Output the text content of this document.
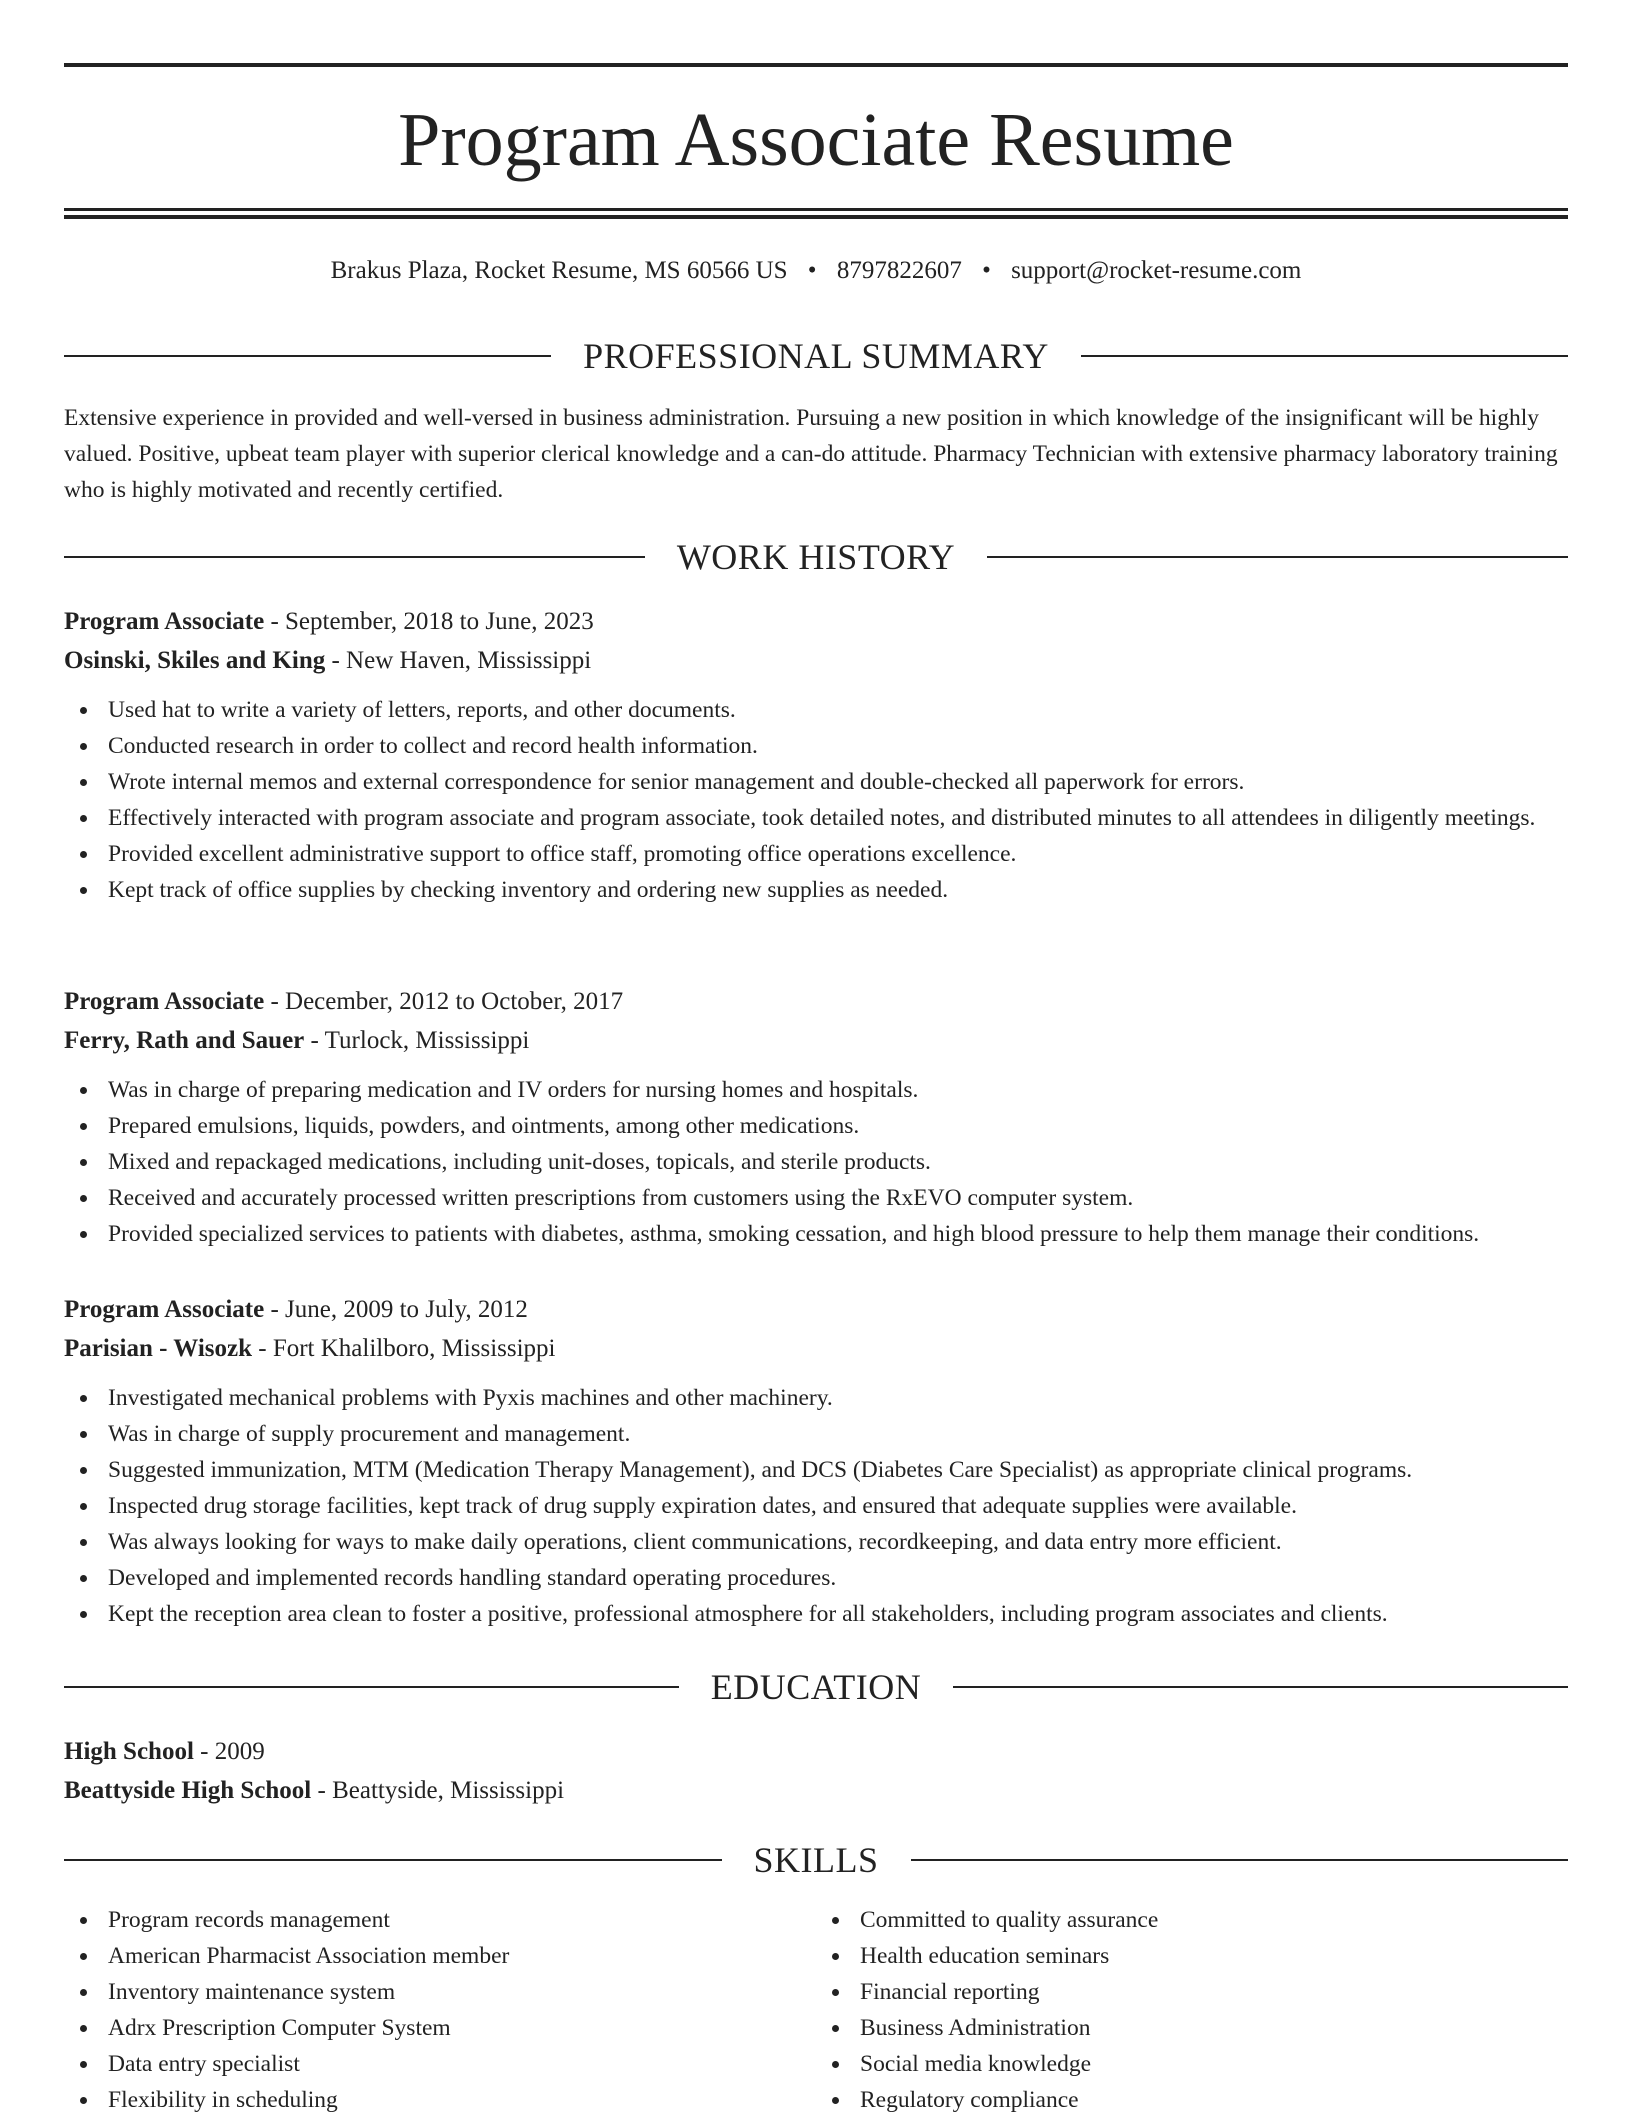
Program Associate Resume
Brakus Plaza, Rocket Resume, MS 60566 US • 8797822607 • support@rocket-resume.com
PROFESSIONAL SUMMARY

Extensive experience in provided and well-versed in business administration. Pursuing a new position in which knowledge of the insignificant will be highly valued. Positive, upbeat team player with superior clerical knowledge and a can-do attitude. Pharmacy Technician with extensive pharmacy laboratory training who is highly motivated and recently certified.

WORK HISTORY
Program Associate - September, 2018 to June, 2023
Osinski, Skiles and King - New Haven, Mississippi
Used hat to write a variety of letters, reports, and other documents.
Conducted research in order to collect and record health information.
Wrote internal memos and external correspondence for senior management and double-checked all paperwork for errors.
Effectively interacted with program associate and program associate, took detailed notes, and distributed minutes to all attendees in diligently meetings.
Provided excellent administrative support to office staff, promoting office operations excellence.
Kept track of office supplies by checking inventory and ordering new supplies as needed.
Program Associate - December, 2012 to October, 2017
Ferry, Rath and Sauer - Turlock, Mississippi
Was in charge of preparing medication and IV orders for nursing homes and hospitals.
Prepared emulsions, liquids, powders, and ointments, among other medications.
Mixed and repackaged medications, including unit-doses, topicals, and sterile products.
Received and accurately processed written prescriptions from customers using the RxEVO computer system.
Provided specialized services to patients with diabetes, asthma, smoking cessation, and high blood pressure to help them manage their conditions.
Program Associate - June, 2009 to July, 2012
Parisian - Wisozk - Fort Khalilboro, Mississippi
Investigated mechanical problems with Pyxis machines and other machinery.
Was in charge of supply procurement and management.
Suggested immunization, MTM (Medication Therapy Management), and DCS (Diabetes Care Specialist) as appropriate clinical programs.
Inspected drug storage facilities, kept track of drug supply expiration dates, and ensured that adequate supplies were available.
Was always looking for ways to make daily operations, client communications, recordkeeping, and data entry more efficient.
Developed and implemented records handling standard operating procedures.
Kept the reception area clean to foster a positive, professional atmosphere for all stakeholders, including program associates and clients.
EDUCATION
High School - 2009
Beattyside High School - Beattyside, Mississippi
SKILLS
Program records management
American Pharmacist Association member
Inventory maintenance system
Adrx Prescription Computer System
Data entry specialist
Flexibility in scheduling
Committed to quality assurance
Health education seminars
Financial reporting
Business Administration
Social media knowledge
Regulatory compliance
